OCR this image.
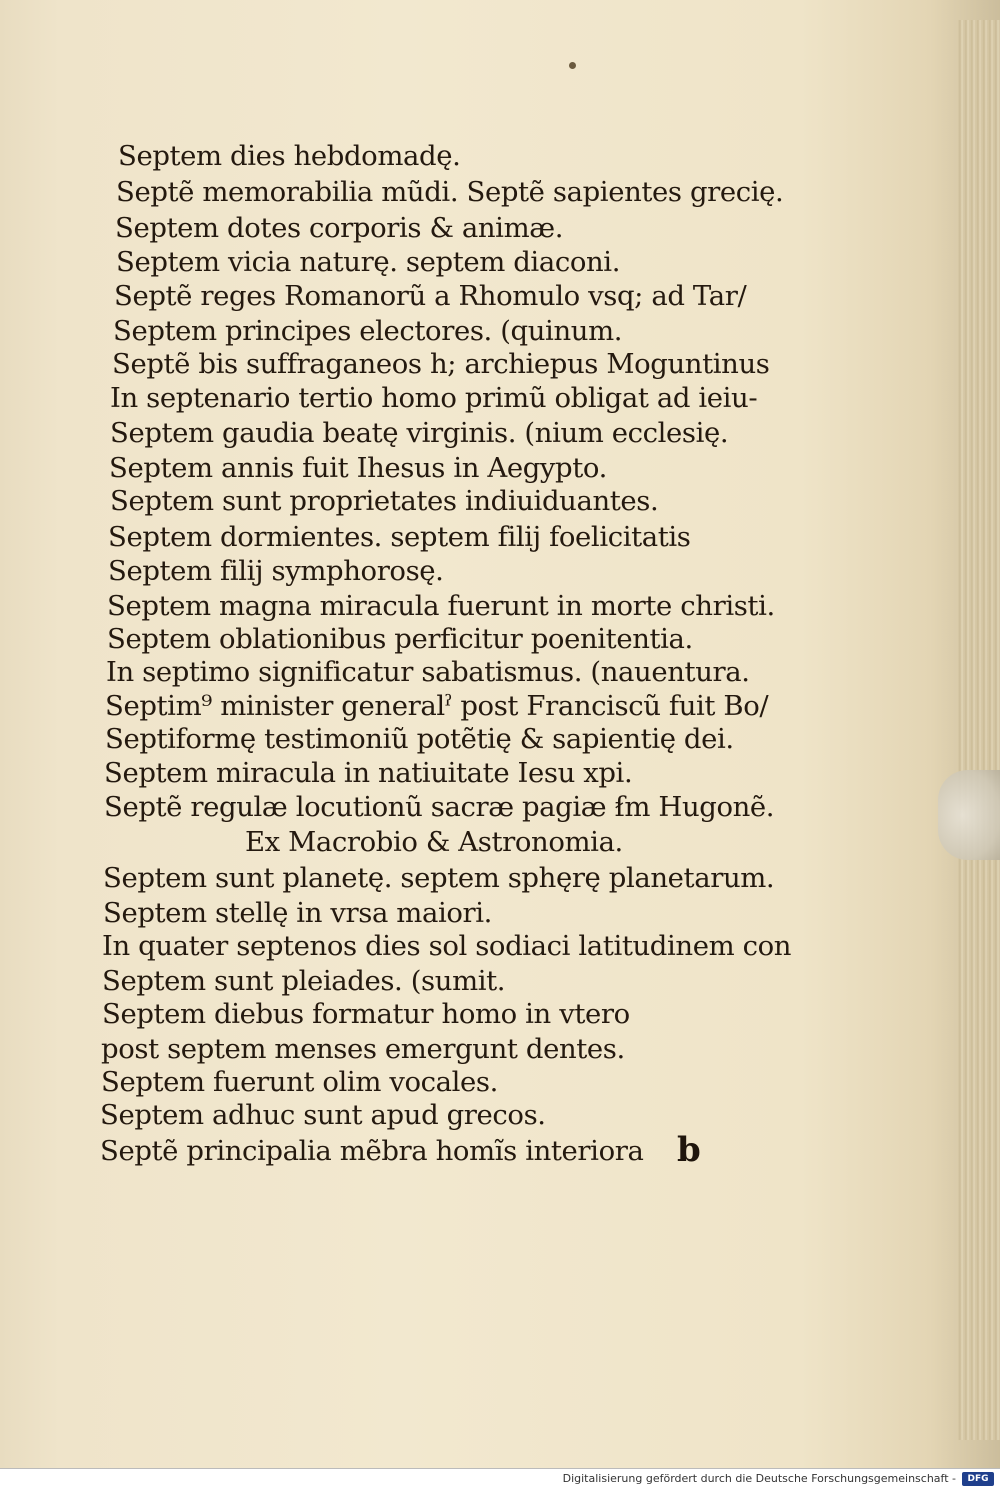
Septem dies hebdomadę.
Septẽ memorabilia mũdi. Septẽ sapientes grecię.
Septem dotes corporis & animæ.
Septem vicia naturę. septem diaconi.
Septẽ reges Romanorũ a Rhomulo vsq; ad Tar/
Septem principes electores. (quinum.
Septẽ bis suffraganeos h; archiepus Moguntinus
In septenario tertio homo primũ obligat ad ieiu-
Septem gaudia beatę virginis. (nium ecclesię.
Septem annis fuit Ihesus in Aegypto.
Septem sunt proprietates indiuiduantes.
Septem dormientes. septem filij foelicitatis
Septem filij symphorosę.
Septem magna miracula fuerunt in morte christi.
Septem oblationibus perficitur poenitentia.
In septimo significatur sabatismus. (nauentura.
Septim⁹ minister generalˀ post Franciscũ fuit Bo/
Septiformę testimoniũ potẽtię & sapientię dei.
Septem miracula in natiuitate Iesu xpi.
Septẽ regulæ locutionũ sacræ pagiæ ẜm Hugonẽ.
Ex Macrobio & Astronomia.
Septem sunt planetę. septem sphęrę planetarum.
Septem stellę in vrsa maiori.
In quater septenos dies sol sodiaci latitudinem con
Septem sunt pleiades. (sumit.
Septem diebus formatur homo in vtero
post septem menses emergunt dentes.
Septem fuerunt olim vocales.
Septem adhuc sunt apud grecos.
Septẽ principalia mẽbra homĩs interiora b
Digitalisierung gefördert durch die Deutsche Forschungsgemeinschaft -	DFG
